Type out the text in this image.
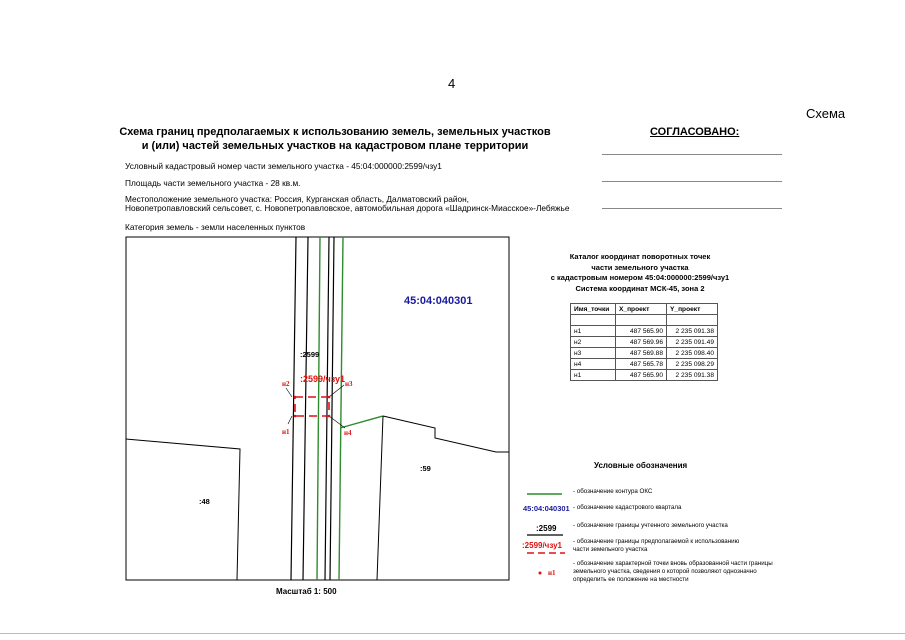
4
Схема
Схема границ предполагаемых к использованию земель, земельных участков
и (или) частей земельных участков на кадастровом плане территории
СОГЛАСОВАНО:
Условный кадастровый номер части земельного участка - 45:04:000000:2599/чзу1
Площадь части земельного участка - 28 кв.м.
Местоположение земельного участка: Россия, Курганская область, Далматовский район,
Новопетропавловский сельсовет, с. Новопетропавловское, автомобильная дорога «Шадринск-Миасское»-Лебяжье
Категория земель - земли населенных пунктов
45:04:040301
:2599
:2599/чзу1
н2	н3
н1	н4
:59
:48
45:04:040301
:2599
:2599/чзу1
н1
Масштаб 1: 500
Каталог координат поворотных точек
части земельного участка
с кадастровым номером 45:04:000000:2599/чзу1
Система координат МСК-45, зона 2
Имя_точки	X_проект	Y_проект

н1	487 565.90	2 235 091.38
н2	487 569.96	2 235 091.49
н3	487 569.88	2 235 098.40
н4	487 565.78	2 235 098.29
н1	487 565.90	2 235 091.38
Условные обозначения
- обозначение контура ОКС
- обозначение кадастрового квартала
- обозначение границы учтенного земельного участка
- обозначение границы предполагаемой к использованию части земельного участка
- обозначение характерной точки вновь образованной части границы земельного участка, сведения о которой позволяют однозначно определить ее положение на местности
